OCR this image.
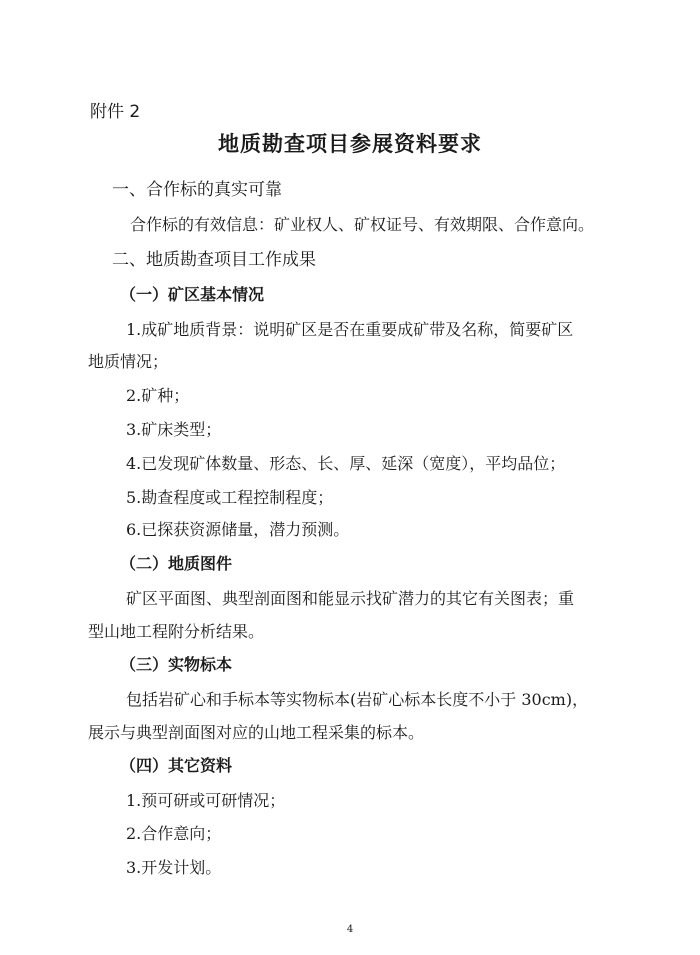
附件 2
地质勘查项目参展资料要求
一、合作标的真实可靠
合作标的有效信息：矿业权人、矿权证号、有效期限、合作意向。
二、地质勘查项目工作成果
（一）矿区基本情况
1.成矿地质背景：说明矿区是否在重要成矿带及名称，简要矿区
地质情况；
2.矿种；
3.矿床类型；
4.已发现矿体数量、形态、长、厚、延深（宽度），平均品位；
5.勘查程度或工程控制程度；
6.已探获资源储量，潜力预测。
（二）地质图件
矿区平面图、典型剖面图和能显示找矿潜力的其它有关图表；重
型山地工程附分析结果。
（三）实物标本
包括岩矿心和手标本等实物标本(岩矿心标本长度不小于 30cm)，
展示与典型剖面图对应的山地工程采集的标本。
（四）其它资料
1.预可研或可研情况；
2.合作意向；
3.开发计划。
4
